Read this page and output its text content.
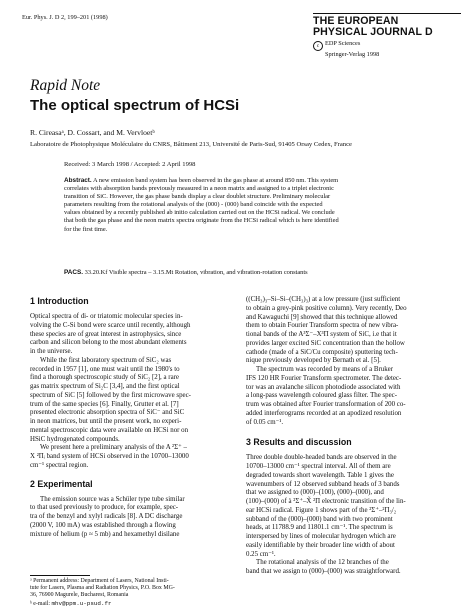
Eur. Phys. J. D 2, 199–201 (1998)	THE EUROPEAN
PHYSICAL JOURNAL D
c EDP Sciences
Springer-Verlag 1998
Rapid Note
The optical spectrum of HCSi
R. Cireasaᵃ, D. Cossart, and M. Vervloetᵇ
Laboratoire de Photophysique Moléculaire du CNRS, Bâtiment 213, Université de Paris-Sud, 91405 Orsay Cedex, France
Received: 3 March 1998 / Accepted: 2 April 1998
Abstract. A new emission band system has been observed in the gas phase at around 850 nm. This system
correlates with absorption bands previously measured in a neon matrix and assigned to a triplet electronic
transition of SiC. However, the gas phase bands display a clear doublet structure. Preliminary molecular
parameters resulting from the rotational analysis of the (000) - (000) band coincide with the expected
values obtained by a recently published ab initio calculation carried out on the HCSi radical. We conclude
that both the gas phase and the neon matrix spectra originate from the HCSi radical which is here identified
for the first time.
PACS. 33.20.Kf Visible spectra – 3.15.Mt Rotation, vibration, and vibration-rotation constants
1 Introduction
Optical spectra of di- or triatomic molecular species in-
volving the C-Si bond were scarce until recently, although
these species are of great interest in astrophysics, since
carbon and silicon belong to the most abundant elements
in the universe.
While the first laboratory spectrum of SiC₂ was
recorded in 1957 [1], one must wait until the 1980's to
find a thorough spectroscopic study of SiC₂ [2], a rare
gas matrix spectrum of Si₂C [3,4], and the first optical
spectrum of SiC [5] followed by the first microwave spec-
trum of the same species [6]. Finally, Grutter et al. [7]
presented electronic absorption spectra of SiC⁻ and SiC
in neon matrices, but until the present work, no experi-
mental spectroscopic data were available on HCSi nor on
HSiC hydrogenated compounds.
We present here a preliminary analysis of the A ²Σ⁺ –
X ²Πᵢ band system of HCSi observed in the 10700–13000
cm⁻¹ spectral region.
2 Experimental
The emission source was a Schüler type tube similar
to that used previously to produce, for example, spec-
tra of the benzyl and xylyl radicals [8]. A DC discharge
(2000 V, 100 mA) was established through a flowing
mixture of helium (p ≈ 5 mb) and hexamethyl disilane
ᵃ Permanent address: Department of Lasers, National Insti-
tute for Lasers, Plasma and Radiation Physics, P.O. Box MG-
36, 76900 Magurele, Bucharest, Romania
ᵇ e-mail: mhv@ppm.u-psud.fr
((CH₃)₃–Si–Si–(CH₃)₃) at a low pressure (just sufficient
to obtain a grey-pink positive column). Very recently, Deo
and Kawaguchi [9] showed that this technique allowed
them to obtain Fourier Transform spectra of new vibra-
tional bands of the A³Σ⁻–X³Π system of SiC, i.e that it
provides larger excited SiC concentration than the hollow
cathode (made of a SiC/Cu composite) sputtering tech-
nique previously developed by Bernath et al. [5].
The spectrum was recorded by means of a Bruker
IFS 120 HR Fourier Transform spectrometer. The detec-
tor was an avalanche silicon photodiode associated with
a long-pass wavelength coloured glass filter. The spec-
trum was obtained after Fourier transformation of 200 co-
added interferograms recorded at an apodized resolution
of 0.05 cm⁻¹.
3 Results and discussion
Three double double-headed bands are observed in the
10700–13000 cm⁻¹ spectral interval. All of them are
degraded towards short wavelength. Table 1 gives the
wavenumbers of 12 observed subband heads of 3 bands
that we assigned to (000)–(100), (000)–(000), and
(100)–(000) of à ²Σ⁺–X̃ ²Π electronic transition of the lin-
ear HCSi radical. Figure 1 shows part of the ²Σ⁺–²Π₃/₂
subband of the (000)–(000) band with two prominent
heads, at 11788.9 and 11801.1 cm⁻¹. The spectrum is
interspersed by lines of molecular hydrogen which are
easily identifiable by their broader line width of about
0.25 cm⁻¹.
The rotational analysis of the 12 branches of the
band that we assign to (000)–(000) was straightforward.
